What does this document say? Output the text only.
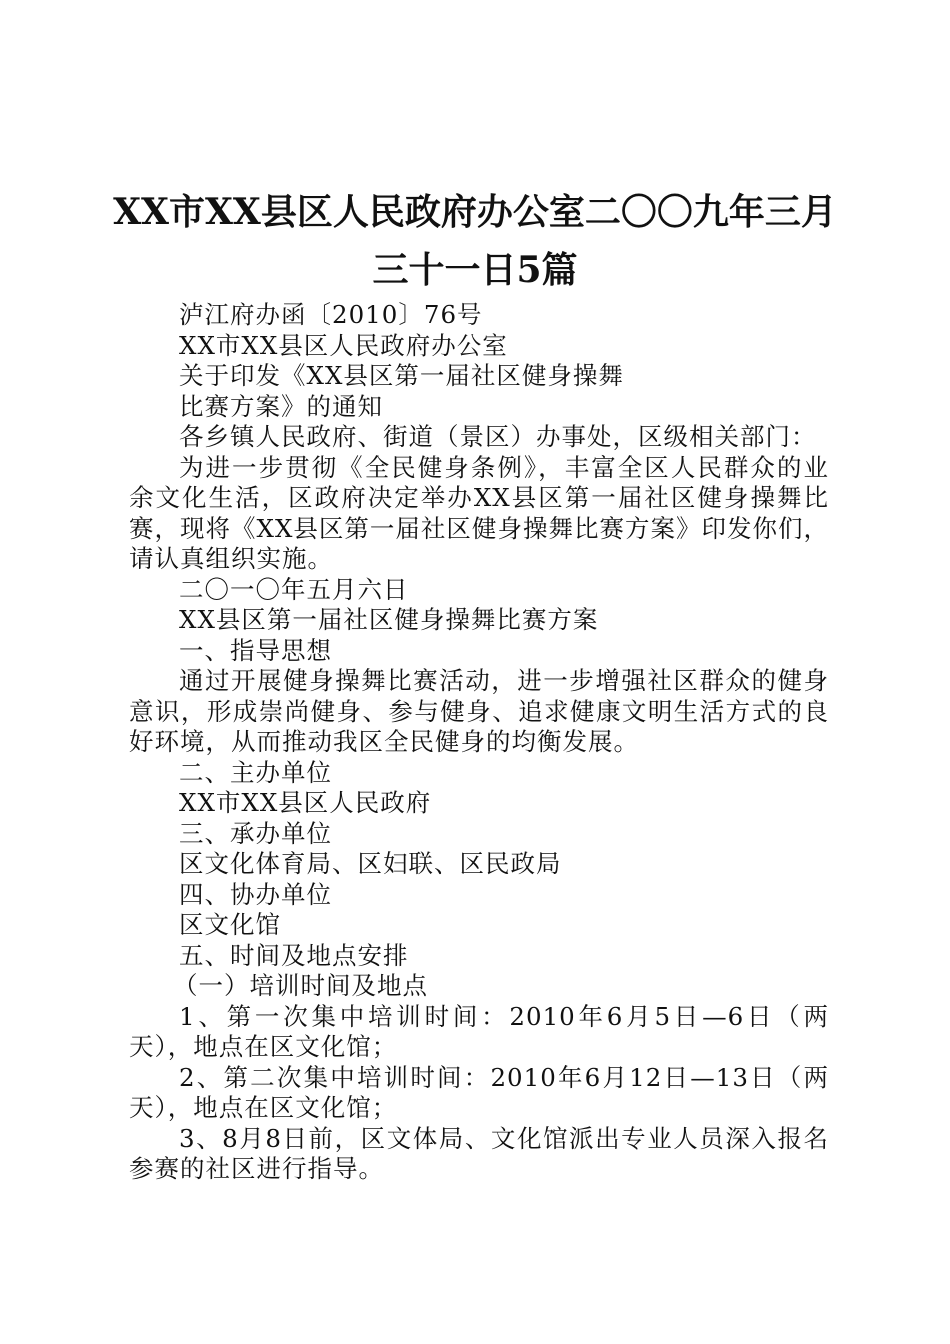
XX市XX县区人民政府办公室二〇〇九年三月
三十一日5篇

泸江府办函〔2010〕76号

XX市XX县区人民政府办公室

关于印发《XX县区第一届社区健身操舞

比赛方案》的通知

各乡镇人民政府、街道（景区）办事处，区级相关部门：

为进一步贯彻《全民健身条例》，丰富全区人民群众的业余文化生活，区政府决定举办XX县区第一届社区健身操舞比赛，现将《XX县区第一届社区健身操舞比赛方案》印发你们，请认真组织实施。

二〇一〇年五月六日

XX县区第一届社区健身操舞比赛方案

一、指导思想

通过开展健身操舞比赛活动，进一步增强社区群众的健身意识，形成崇尚健身、参与健身、追求健康文明生活方式的良好环境，从而推动我区全民健身的均衡发展。

二、主办单位

XX市XX县区人民政府

三、承办单位

区文化体育局、区妇联、区民政局

四、协办单位

区文化馆

五、时间及地点安排

（一）培训时间及地点

1、第一次集中培训时间：2010年6月5日—6日（两天），地点在区文化馆；

2、第二次集中培训时间：2010年6月12日—13日（两天），地点在区文化馆；

3、8月8日前，区文体局、文化馆派出专业人员深入报名参赛的社区进行指导。
